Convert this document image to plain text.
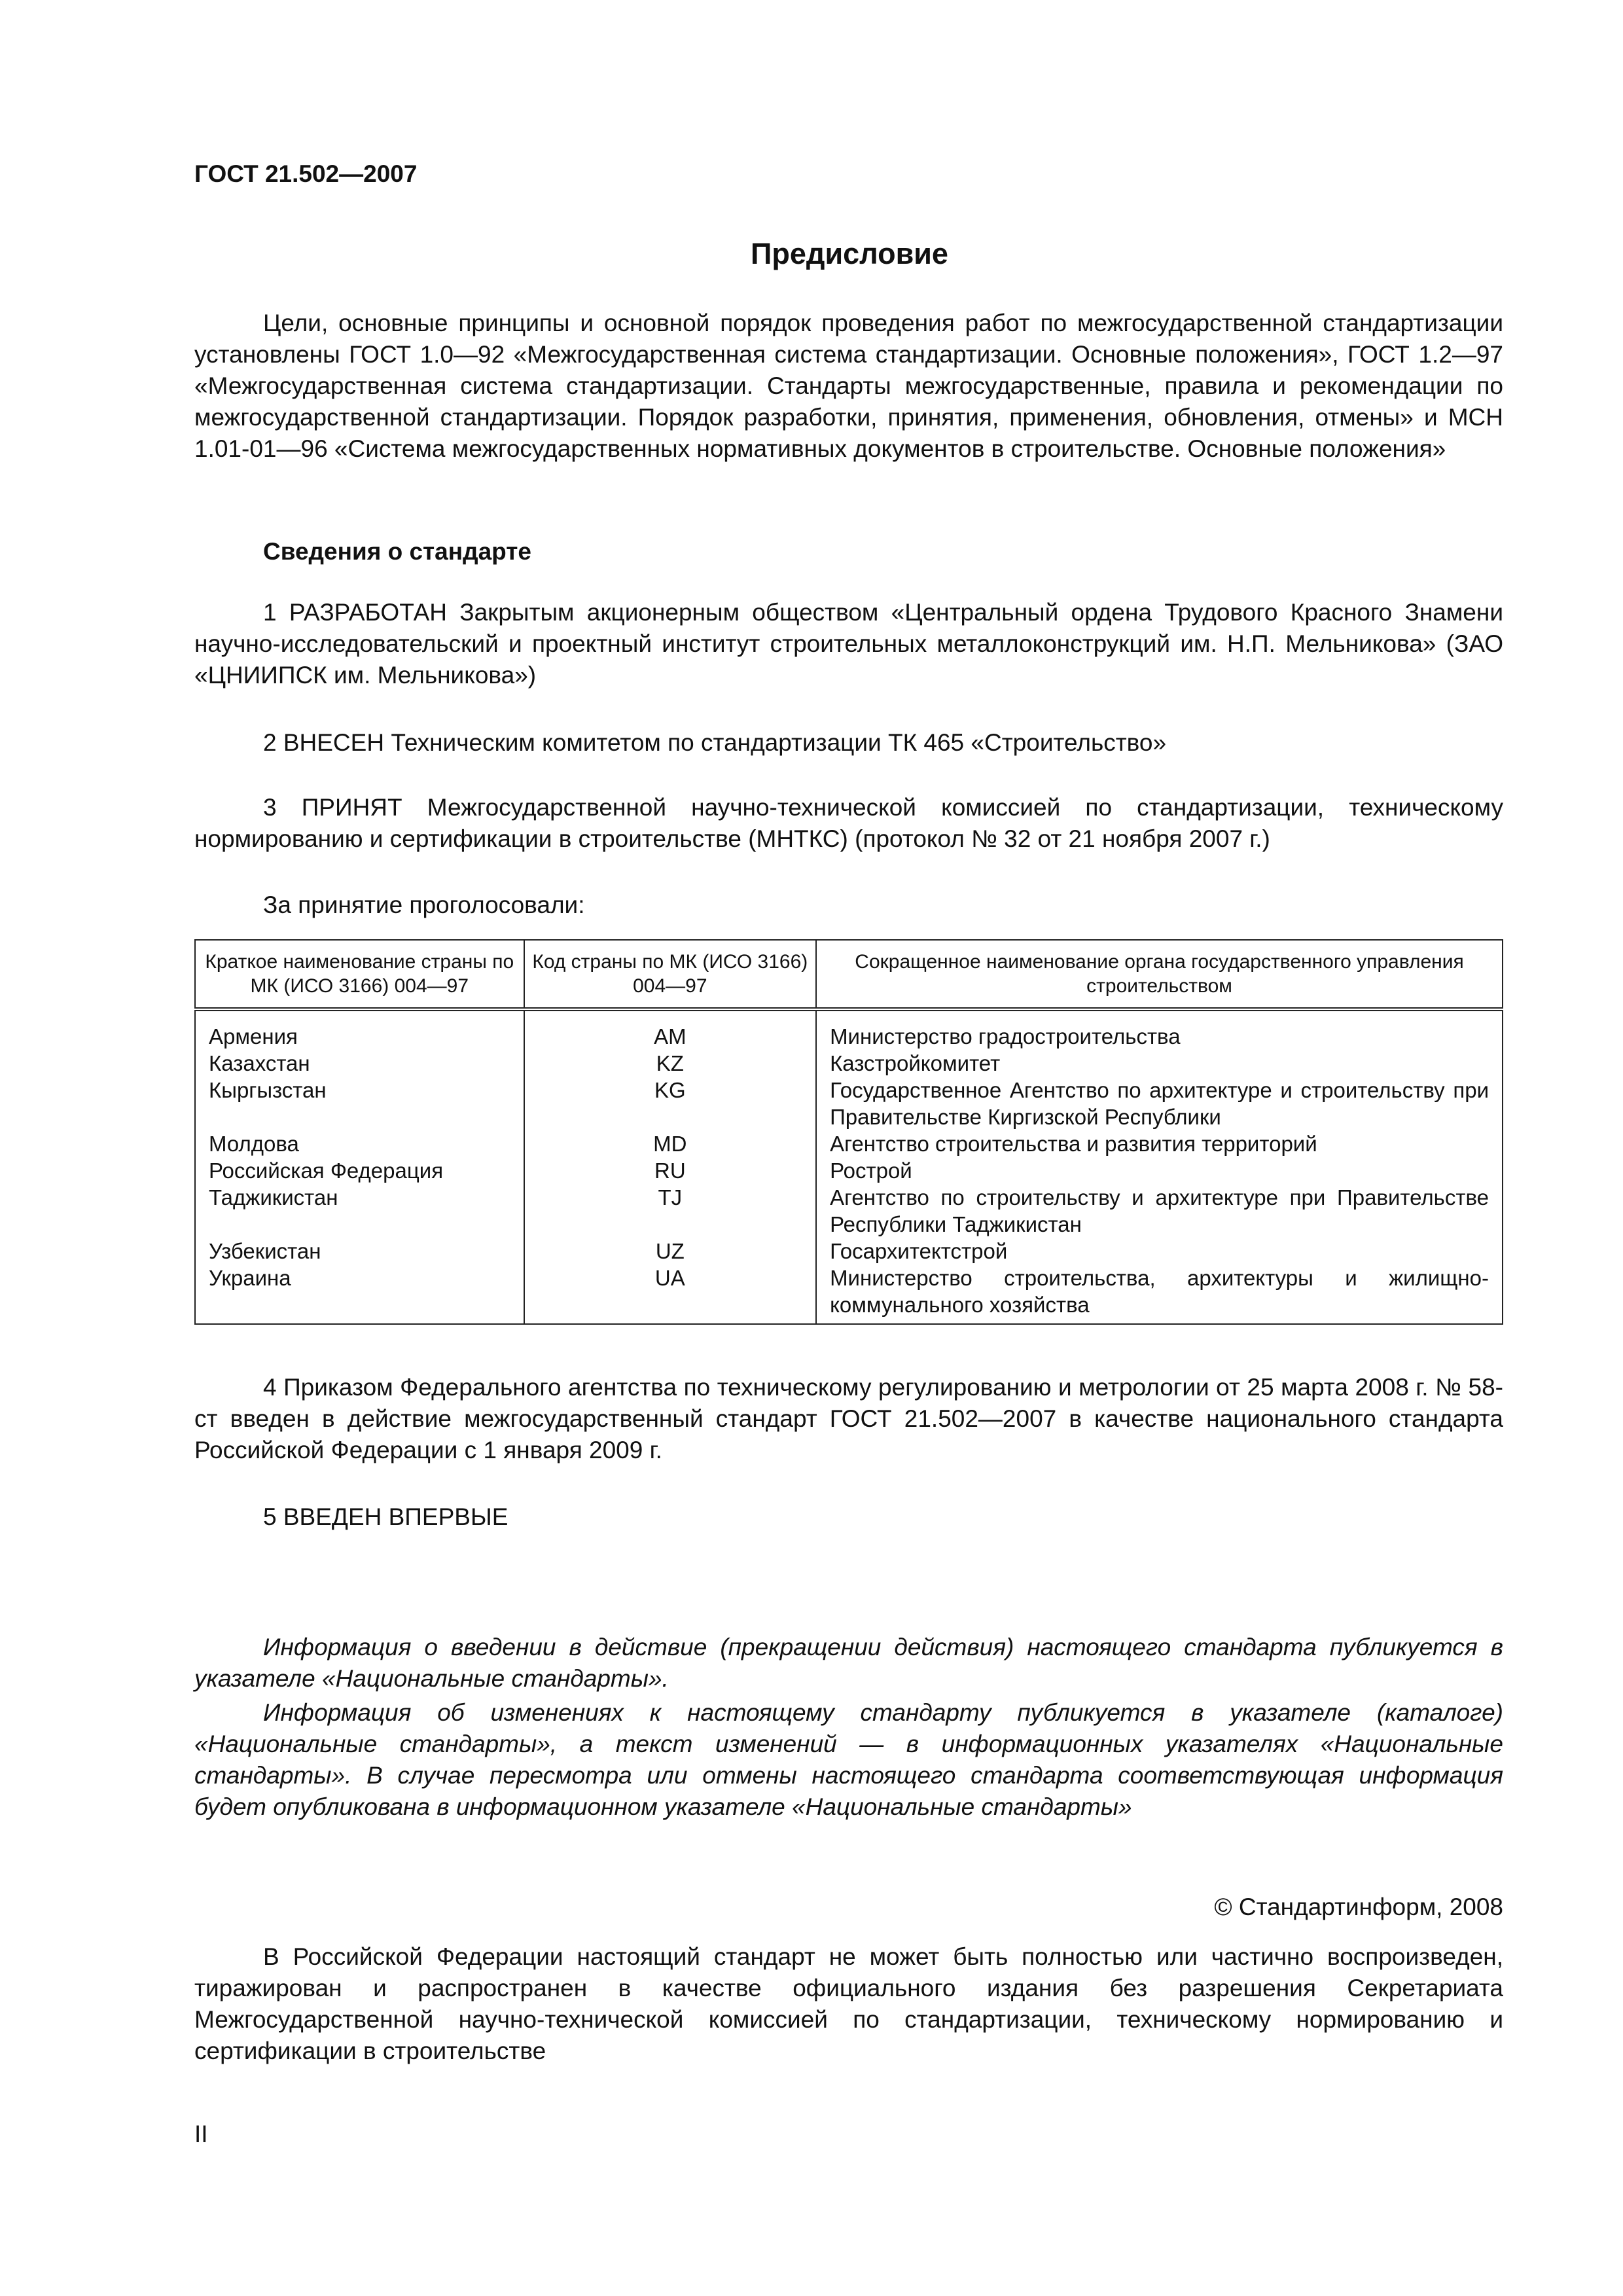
ГОСТ 21.502—2007
Предисловие
Цели, основные принципы и основной порядок проведения работ по межгосударственной стандартизации установлены ГОСТ 1.0—92 «Межгосударственная система стандартизации. Основные положения», ГОСТ 1.2—97 «Межгосударственная система стандартизации. Стандарты межгосударственные, правила и рекомендации по межгосударственной стандартизации. Порядок разработки, принятия, применения, обновления, отмены» и МСН 1.01-01—96 «Система межгосударственных нормативных документов в строительстве. Основные положения»
Сведения о стандарте
1 РАЗРАБОТАН Закрытым акционерным обществом «Центральный ордена Трудового Красного Знамени научно-исследовательский и проектный институт строительных металлоконструкций им. Н.П. Мельникова» (ЗАО «ЦНИИПСК им. Мельникова»)
2 ВНЕСЕН Техническим комитетом по стандартизации ТК 465 «Строительство»
3 ПРИНЯТ Межгосударственной научно-технической комиссией по стандартизации, техническому нормированию и сертификации в строительстве (МНТКС) (протокол № 32 от 21 ноября 2007 г.)
За принятие проголосовали:
Краткое наименование страны по МК (ИСО 3166) 004—97	Код страны по МК (ИСО 3166) 004—97	Сокращенное наименование органа государственного управления строительством
Армения	AM	Министерство градостроительства
Казахстан	KZ	Казстройкомитет
Кыргызстан	KG	Государственное Агентство по архитектуре и строительству при Правительстве Киргизской Республики
Молдова	MD	Агентство строительства и развития территорий
Российская Федерация	RU	Рострой
Таджикистан	TJ	Агентство по строительству и архитектуре при Правительстве Республики Таджикистан
Узбекистан	UZ	Госархитектстрой
Украина	UA	Министерство строительства, архитектуры и жилищно-коммунального хозяйства
4 Приказом Федерального агентства по техническому регулированию и метрологии от 25 марта 2008 г. № 58-ст введен в действие межгосударственный стандарт ГОСТ 21.502—2007 в качестве национального стандарта Российской Федерации с 1 января 2009 г.
5 ВВЕДЕН ВПЕРВЫЕ
Информация о введении в действие (прекращении действия) настоящего стандарта публикуется в указателе «Национальные стандарты».
Информация об изменениях к настоящему стандарту публикуется в указателе (каталоге) «Национальные стандарты», а текст изменений — в информационных указателях «Национальные стандарты». В случае пересмотра или отмены настоящего стандарта соответствующая информация будет опубликована в информационном указателе «Национальные стандарты»
© Стандартинформ, 2008
В Российской Федерации настоящий стандарт не может быть полностью или частично воспроизведен, тиражирован и распространен в качестве официального издания без разрешения Секретариата Межгосударственной научно-технической комиссией по стандартизации, техническому нормированию и сертификации в строительстве
II
